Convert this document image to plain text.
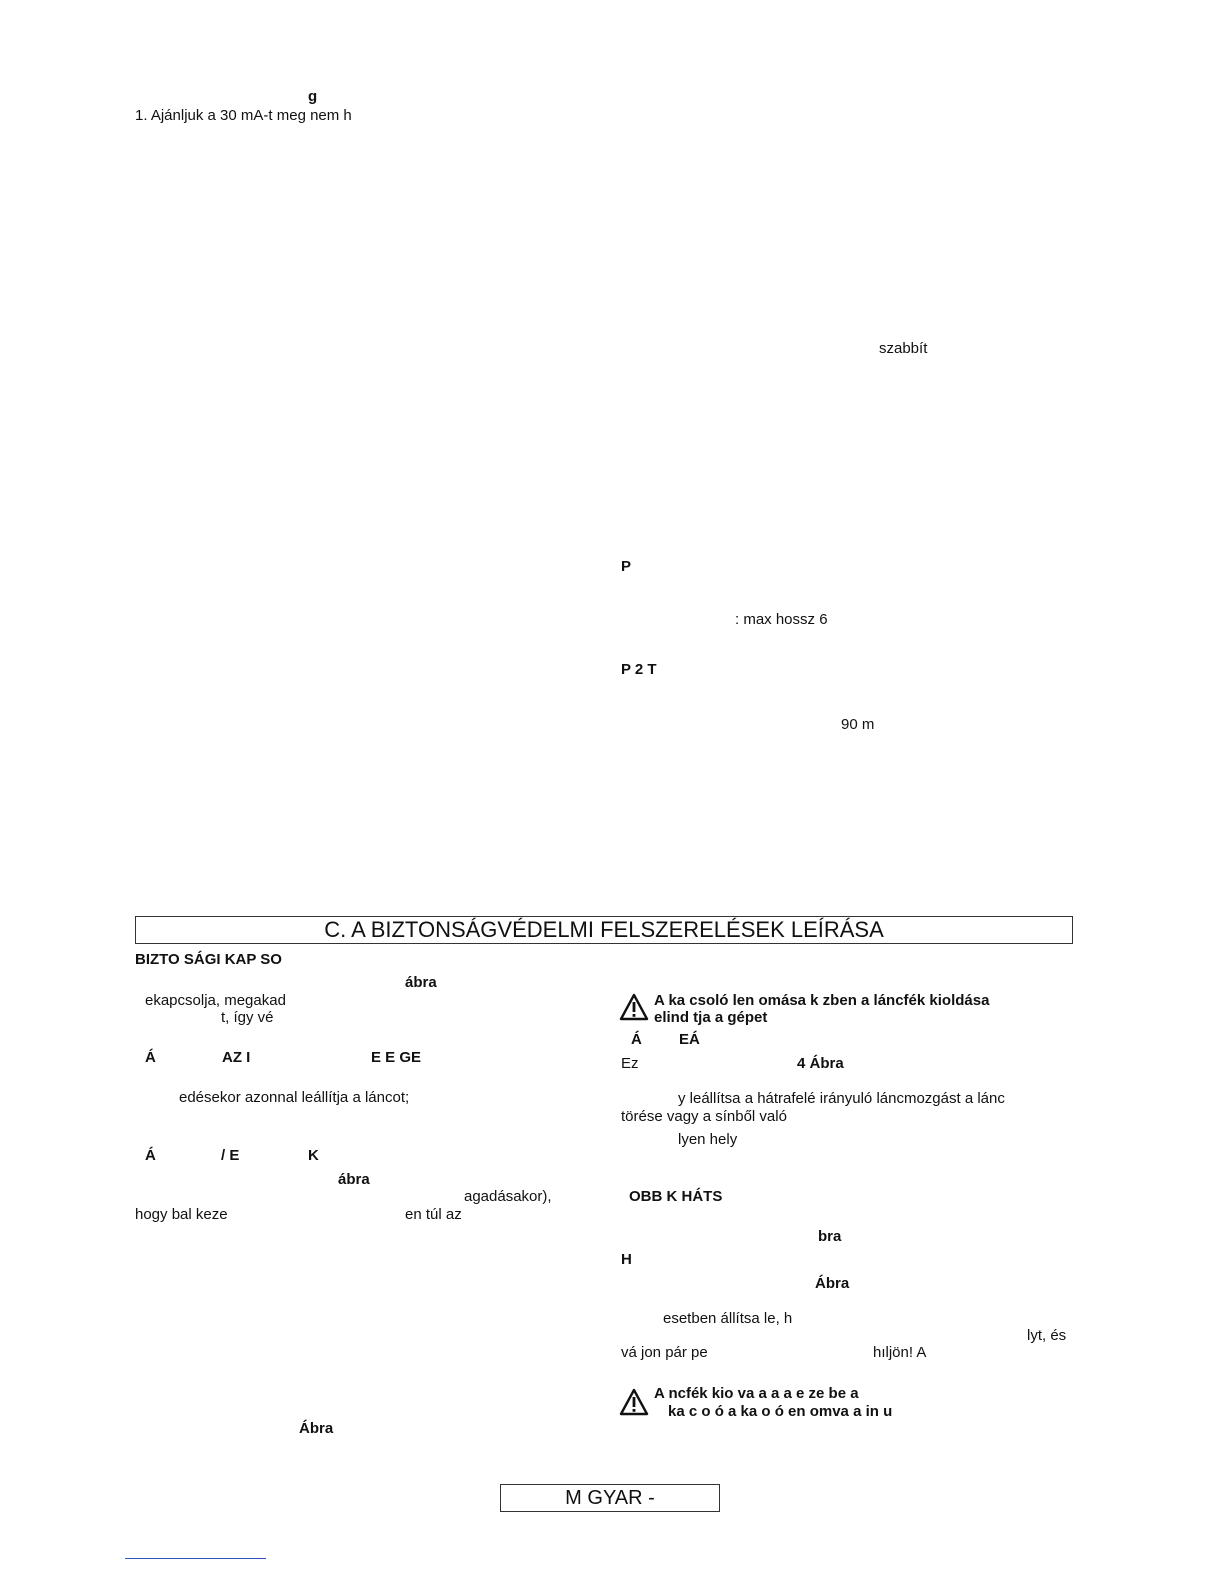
g
1. Ajánljuk a 30 mA-t meg nem h
szabbít
P
: max hossz 6
P 2 T
90 m
C. A BIZTONSÁGVÉDELMI FELSZERELÉSEK LEÍRÁSA
BIZTO SÁGI KAP SO
ábra
ekapcsolja, megakad
t, így vé
Á	AZ I	E E GE
edésekor azonnal leállítja a láncot;
Á	/ E	K
ábra
agadásakor),
hogy bal keze	en túl az
Ábra
A ka csoló len omása k zben a láncfék kioldása
elind tja a gépet
Á EÁ
Ez	4 Ábra
y leállítsa a hátrafelé irányuló láncmozgást a lánc
törése vagy a sínből való
lyen hely
OBB K HÁTS
bra
H
Ábra
esetben állítsa le, h
lyt, és
vá jon pár pe	hıljön! A
A ncfék kio va a a a e ze be a
ka c o ó a ka o ó en omva a in u
M GYAR -
